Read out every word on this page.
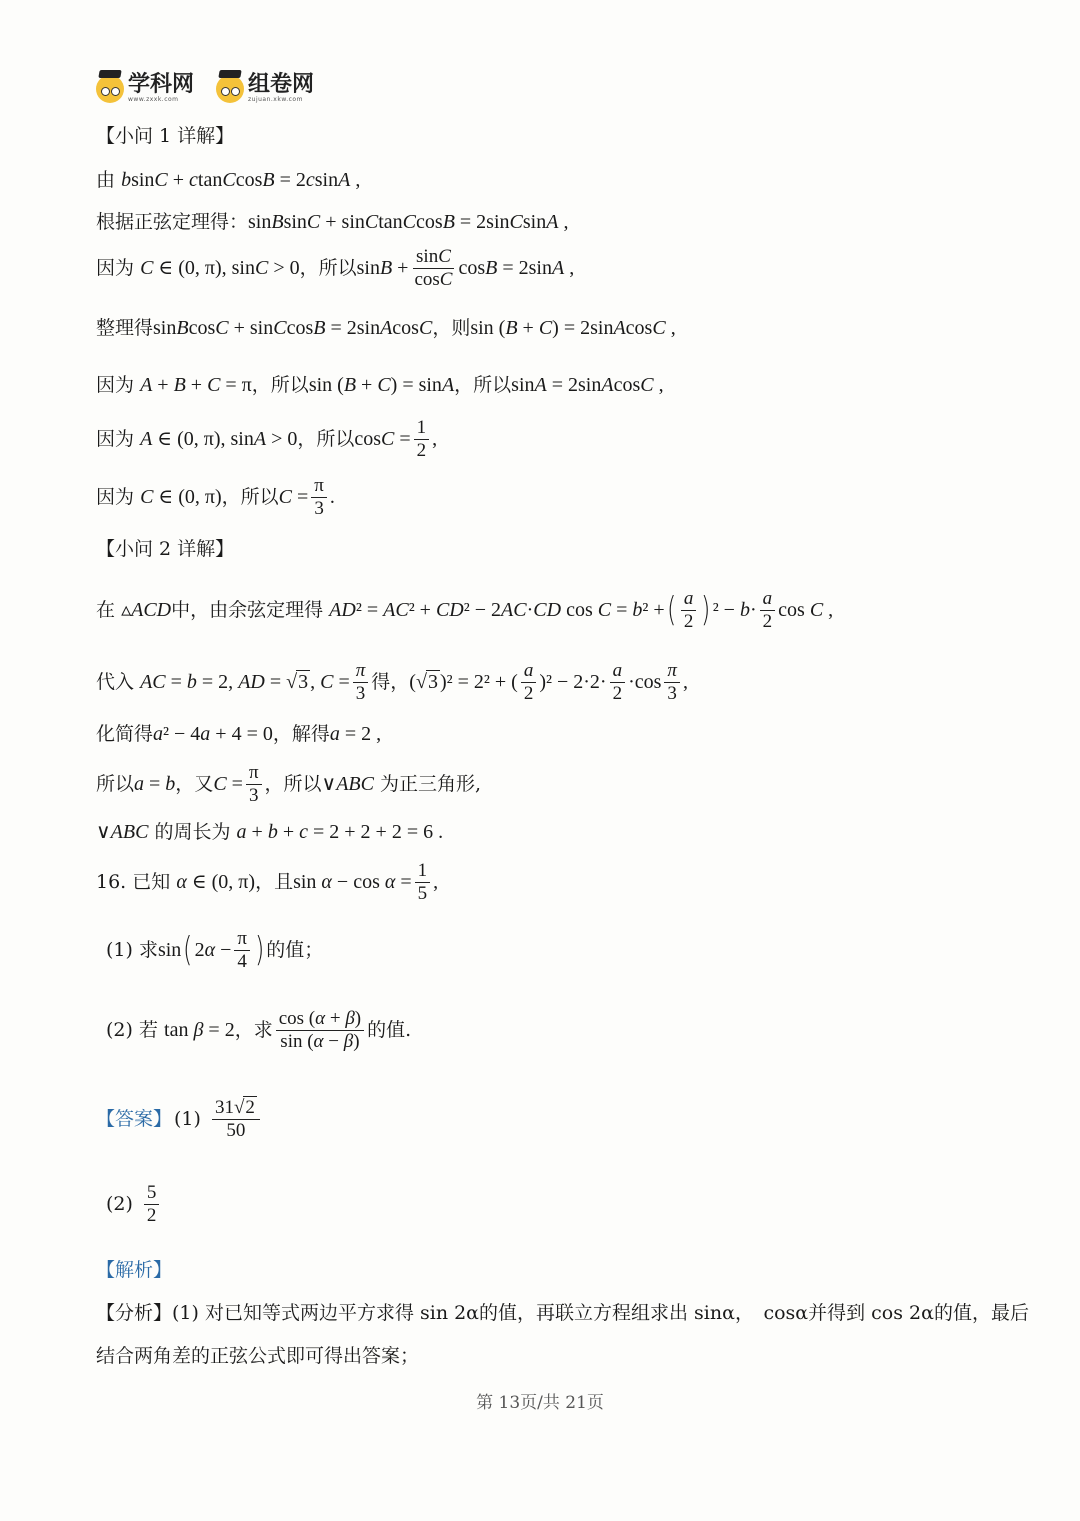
学科网
www.zxxk.com
组卷网
zujuan.xkw.com
【小问 1 详解】
由
bsinC + ctanCcosB = 2csinA ,
根据正弦定理得： sinBsinC + sinCtanCcosB = 2sinCsinA ,
因为
C ∈ (0, π), sinC > 0 ，所以 $\sin B + \frac{\sin C}{\cos C}$ cosB = 2sinA ,
整理得 sinBcosC + sinCcosB = 2sinAcosC ，则 sin (B + C) = 2sinAcosC ,
因为
A + B + C = π ，所以 sin (B + C) = sinA ，所以 sinA = 2sinAcosC ,
因为
A ∈ (0, π), sinA > 0 ，所以 $\cos C = \frac{1}{2}$ ,
因为
C ∈ (0, π) ，所以 $C = \frac{\pi}{3}$ .
【小问 2 详解】
在
▵ACD 中，由余弦定理得
AD² = AC² + CD² − 2AC·CD cos C = b² + ( $\frac{a}{2}$ ) $^2 - b\cdot \frac{a}{2}$ cos C ,
代入
AC = b = 2, AD = √3 , $C = \frac{\pi}{3}$ 得， (√3 )² = 2² + ( $\frac{a}{2} )^2 - 2\cdot 2\cdot \frac{a}{2} \cdot\cos \frac{\pi}{3}$ ,
化简得 a² − 4a + 4 = 0 ，解得 a = 2 ,
所以 a = b ，又 $C = \frac{\pi}{3}$ ，所以 ∨ABC
为正三角形,
∨ABC
的周长为
a + b + c = 2 + 2 + 2 = 6 .
16.
已知
α ∈ (0, π) ，且 $\sin \alpha - \cos \alpha = \frac{1}{5}$ ,
(1) 求 sin ( $2\alpha - \frac{\pi}{4}$ ) 的值；
(2) 若
tan β = 2 ，求 $\frac{\cos (\alpha + \beta)}{\sin (\alpha - \beta)}$ 的值.
【答案】 $(1) \frac{31√2}{50}$
$(2) \frac{5}{2}$
【解析】
【分析】(1) 对已知等式两边平方求得 sin 2α的值，再联立方程组求出 sinα，　cosα并得到 cos 2α的值，最后
结合两角差的正弦公式即可得出答案；
第 13页/共 21页
